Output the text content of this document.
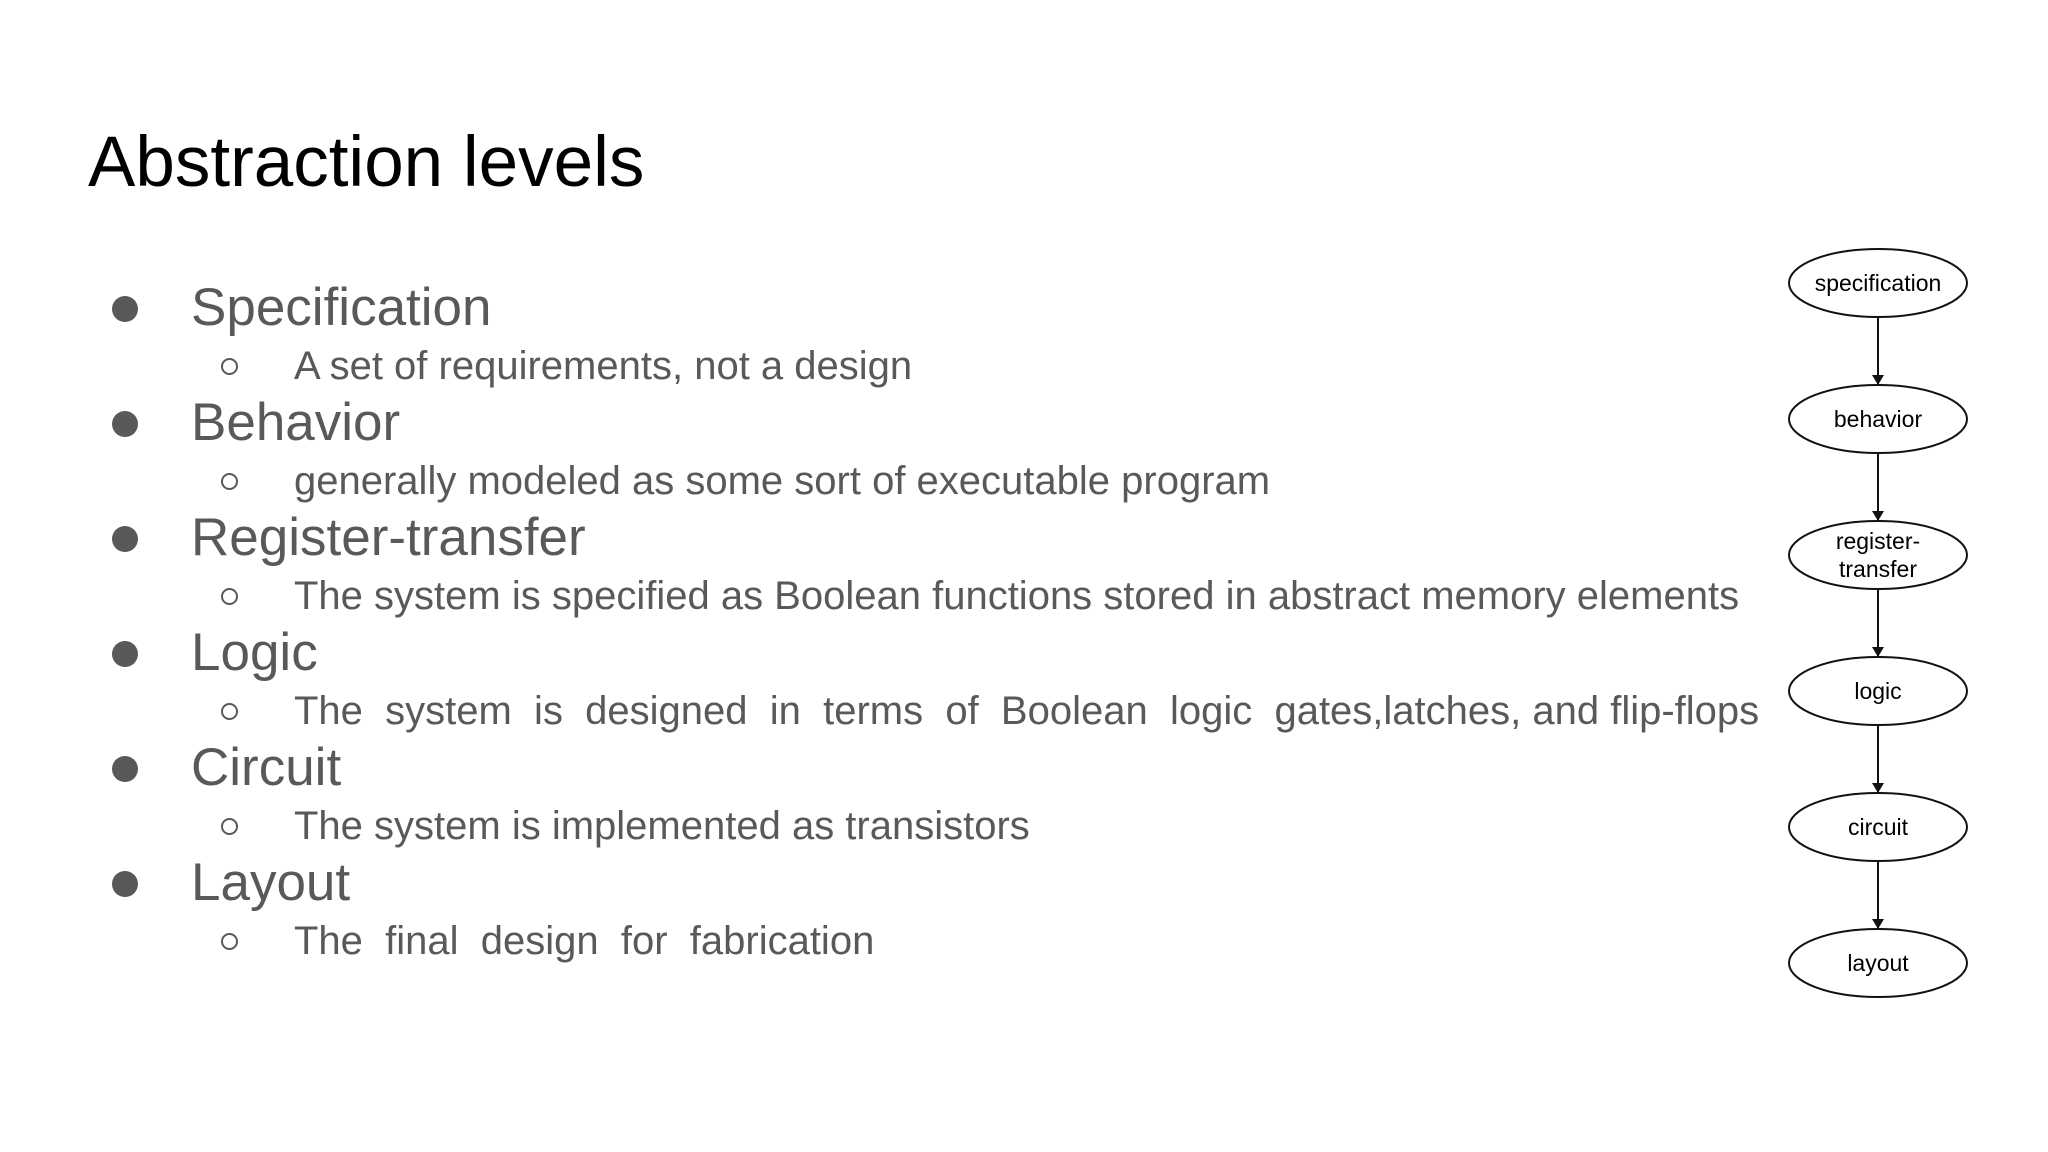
Abstraction levels
Specification
A set of requirements, not a design
Behavior
generally modeled as some sort of executable program
Register-transfer
The system is specified as Boolean functions stored in abstract memory elements
Logic
The  system  is  designed  in  terms  of  Boolean  logic  gates,latches, and flip-flops
Circuit
The system is implemented as transistors
Layout
The  final  design  for  fabrication
specification
behavior
register-
transfer
logic
circuit
layout
